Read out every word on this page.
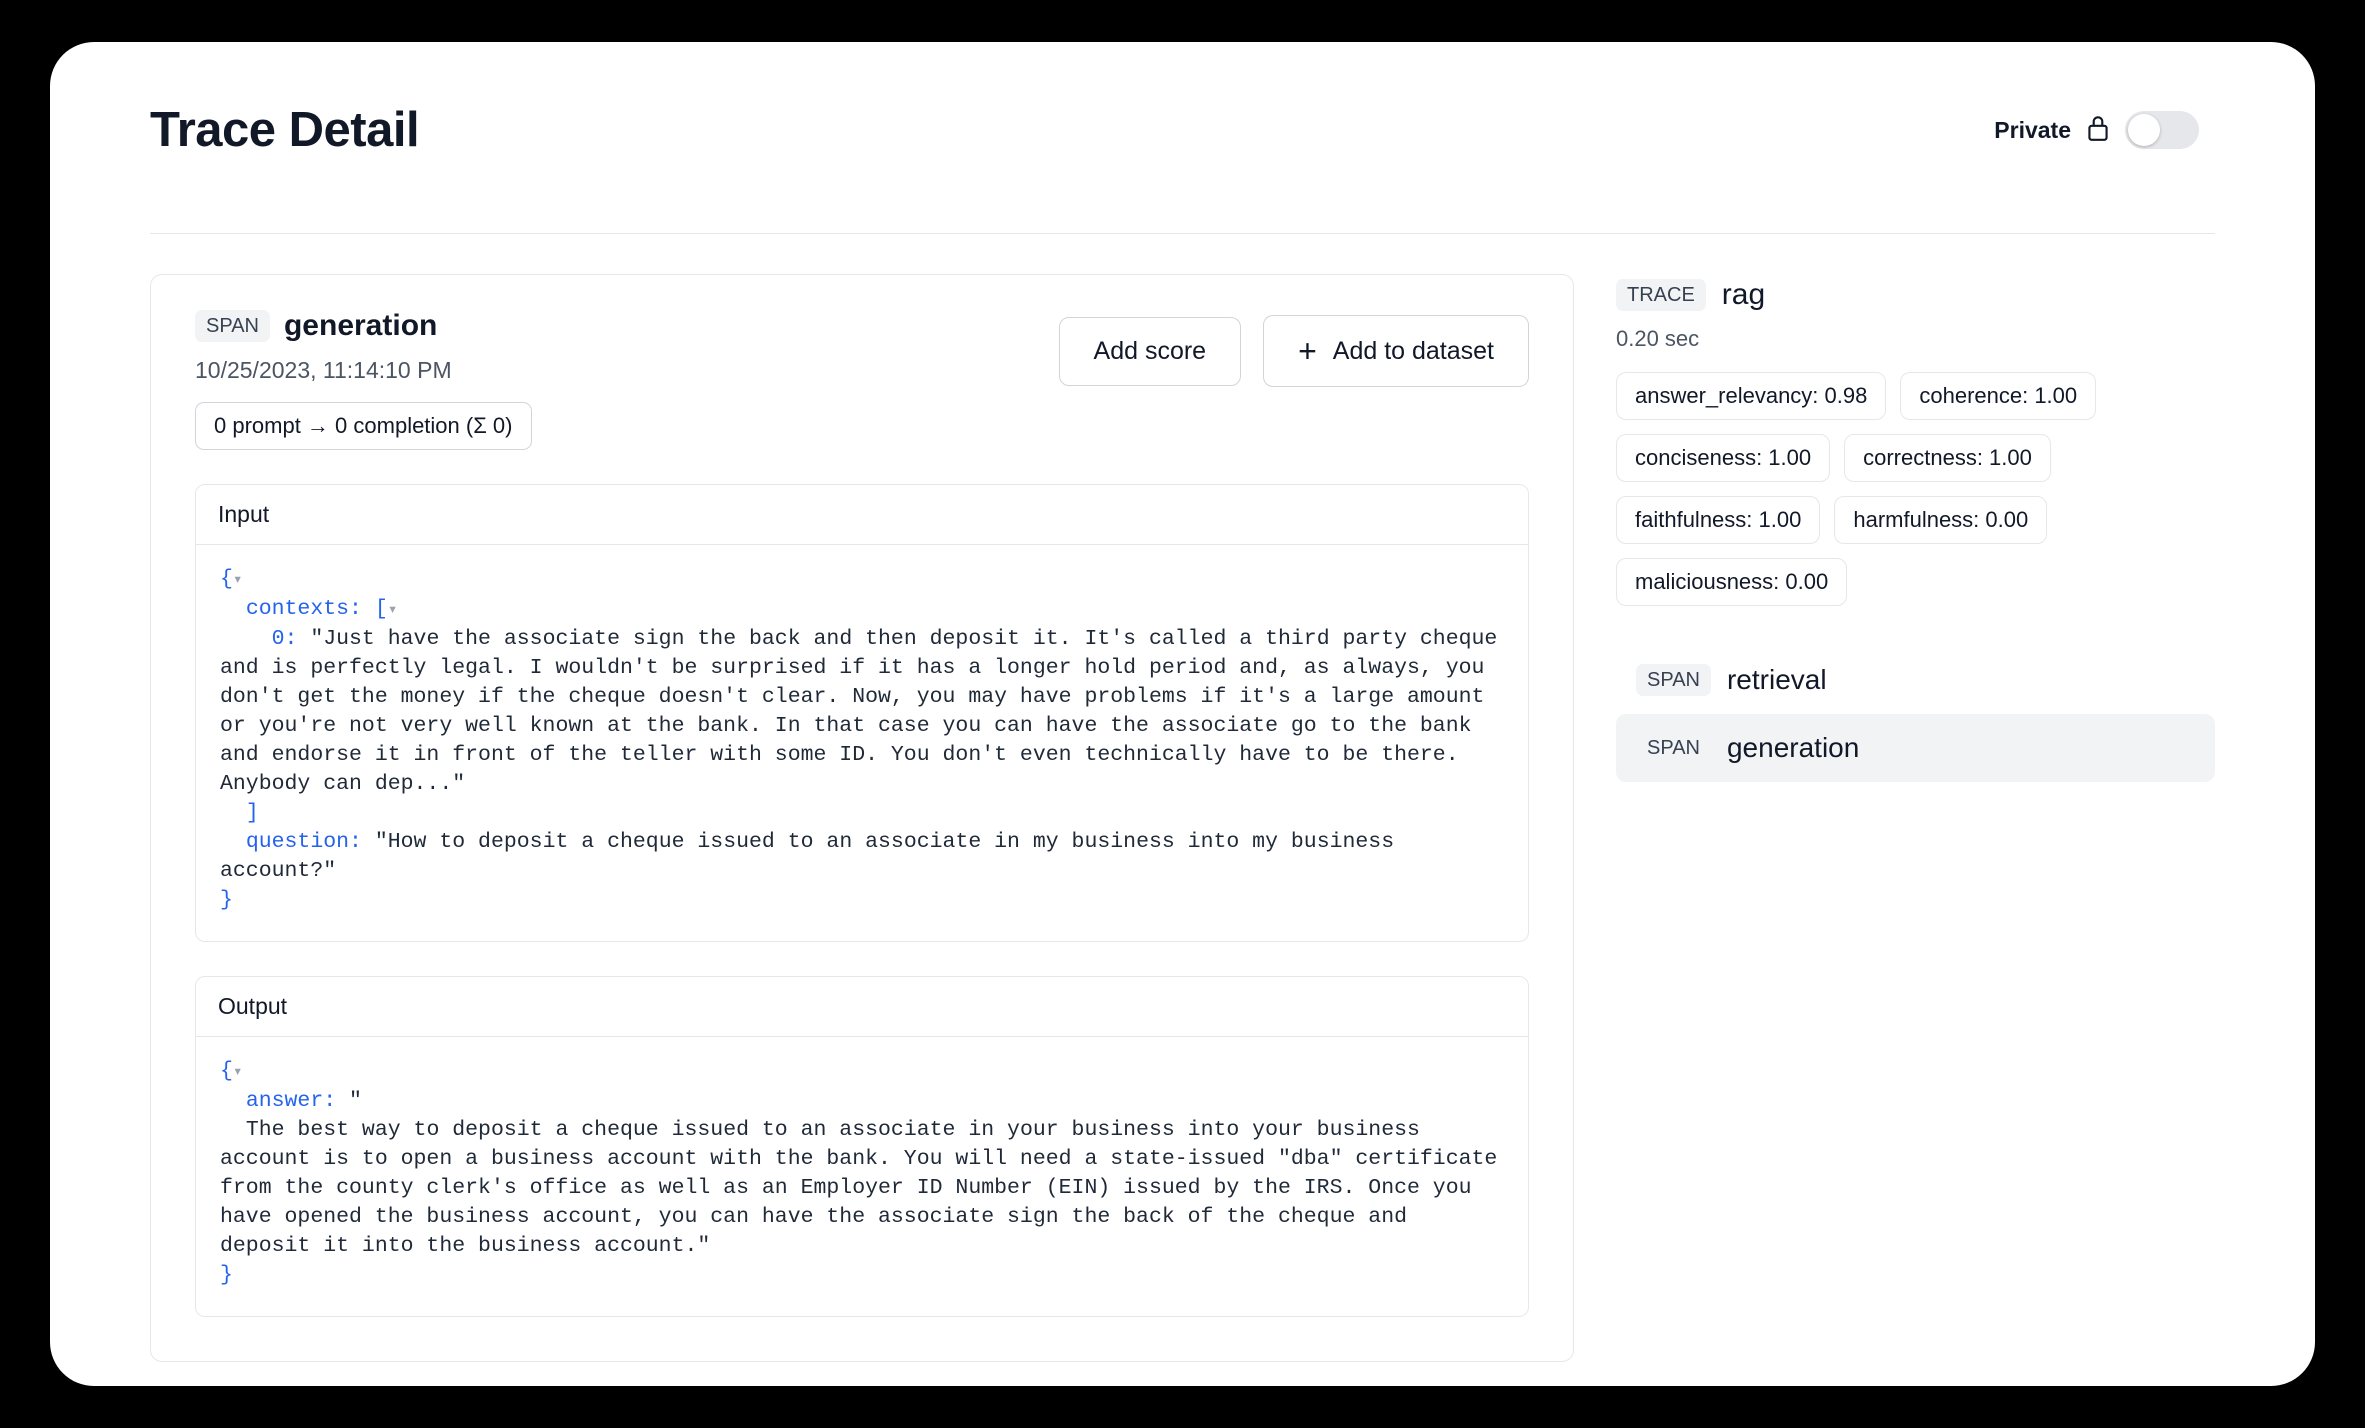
Trace Detail	Private
SPAN generation
10/25/2023, 11:14:10 PM
0 prompt → 0 completion (Σ 0)
Add score	+ Add to dataset
Input
{▾
contexts: [▾
0: "Just have the associate sign the back and then deposit it. It's called a third party cheque and is perfectly legal. I wouldn't be surprised if it has a longer hold period and, as always, you don't get the money if the cheque doesn't clear. Now, you may have problems if it's a large amount or you're not very well known at the bank. In that case you can have the associate go to the bank and endorse it in front of the teller with some ID. You don't even technically have to be there. Anybody can dep..."
]
question: "How to deposit a cheque issued to an associate in my business into my business account?"
}
Output
{▾
answer: "
The best way to deposit a cheque issued to an associate in your business into your business account is to open a business account with the bank. You will need a state-issued "dba" certificate from the county clerk's office as well as an Employer ID Number (EIN) issued by the IRS. Once you have opened the business account, you can have the associate sign the back of the cheque and deposit it into the business account."
}
TRACE rag
0.20 sec
answer_relevancy: 0.98	coherence: 1.00
conciseness: 1.00	correctness: 1.00
faithfulness: 1.00	harmfulness: 0.00
maliciousness: 0.00
SPAN retrieval
SPAN generation
